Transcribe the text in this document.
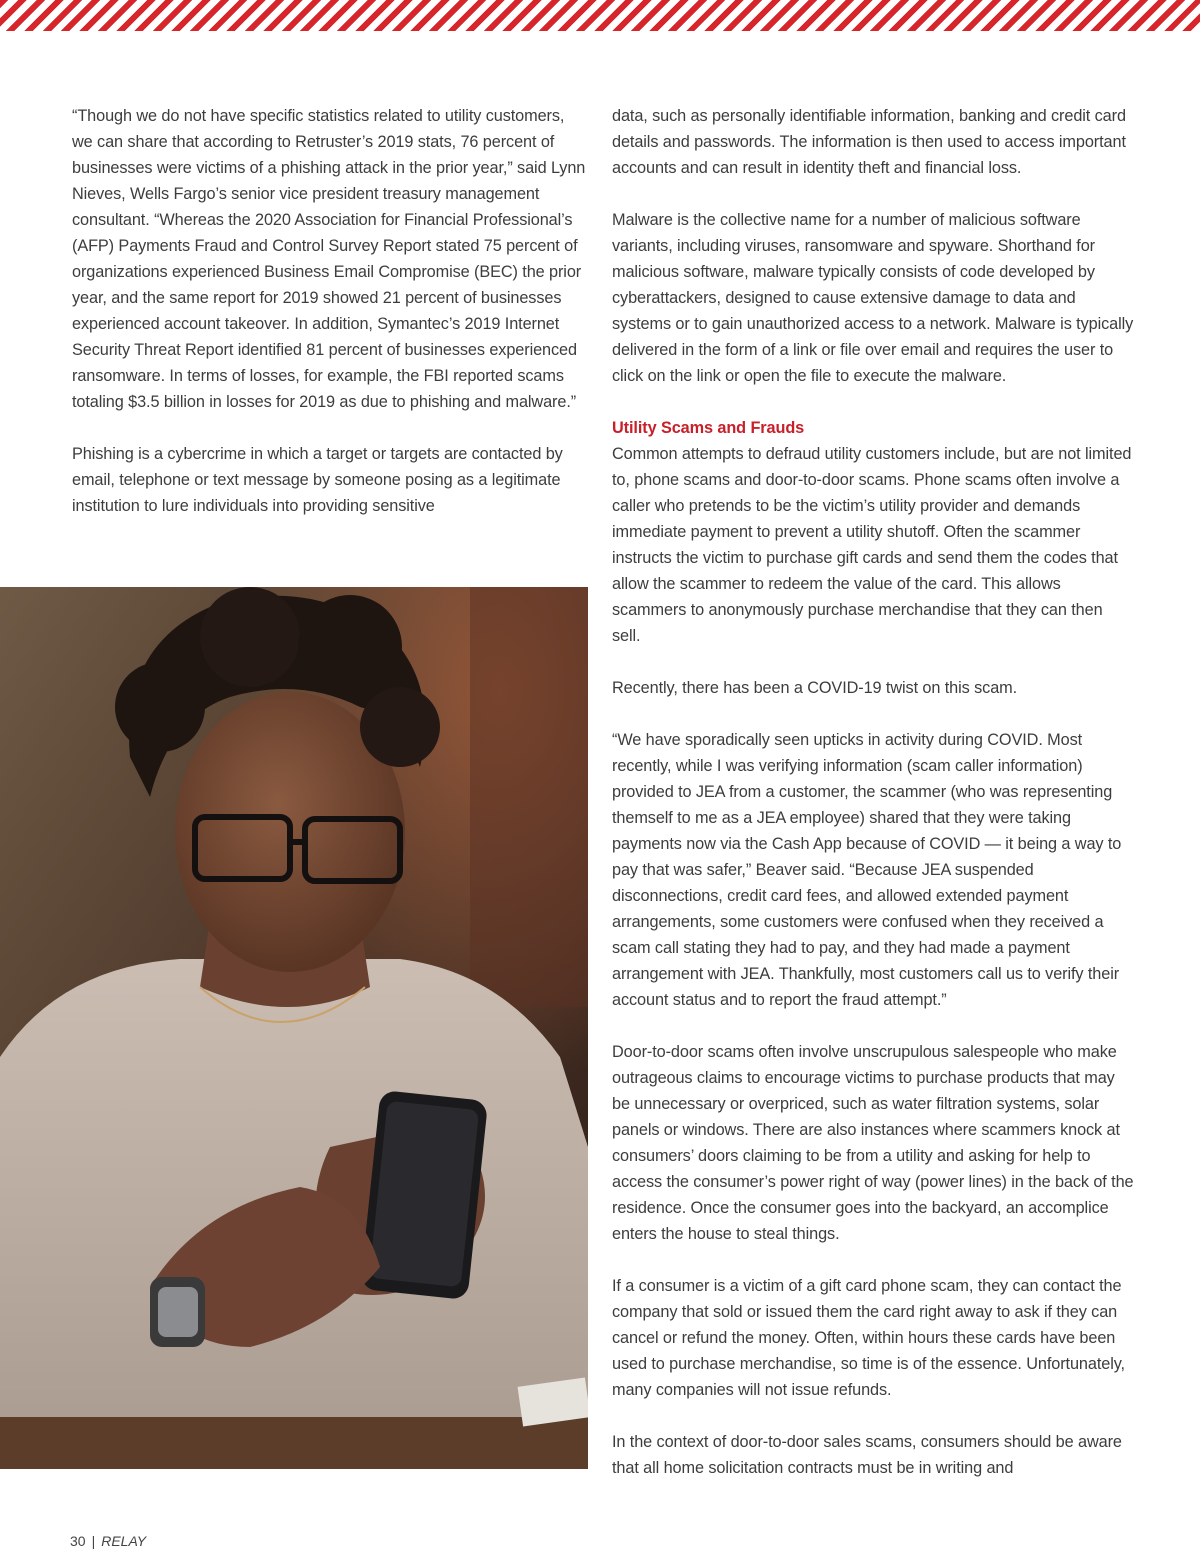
“Though we do not have specific statistics related to utility customers, we can share that according to Retruster’s 2019 stats, 76 percent of businesses were victims of a phishing attack in the prior year,” said Lynn Nieves, Wells Fargo’s senior vice president treasury management consultant. “Whereas the 2020 Association for Financial Professional’s (AFP) Payments Fraud and Control Survey Report stated 75 percent of organizations experienced Business Email Compromise (BEC) the prior year, and the same report for 2019 showed 21 percent of businesses experienced account takeover. In addition, Symantec’s 2019 Internet Security Threat Report identified 81 percent of businesses experienced ransomware. In terms of losses, for example, the FBI reported scams totaling $3.5 billion in losses for 2019 as due to phishing and malware.”

Phishing is a cybercrime in which a target or targets are contacted by email, telephone or text message by someone posing as a legitimate institution to lure individuals into providing sensitive

data, such as personally identifiable information, banking and credit card details and passwords. The information is then used to access important accounts and can result in identity theft and financial loss.

Malware is the collective name for a number of malicious software variants, including viruses, ransomware and spyware. Shorthand for malicious software, malware typically consists of code developed by cyberattackers, designed to cause extensive damage to data and systems or to gain unauthorized access to a network. Malware is typically delivered in the form of a link or file over email and requires the user to click on the link or open the file to execute the malware.

Utility Scams and Frauds

Common attempts to defraud utility customers include, but are not limited to, phone scams and door-to-door scams. Phone scams often involve a caller who pretends to be the victim’s utility provider and demands immediate payment to prevent a utility shutoff. Often the scammer instructs the victim to purchase gift cards and send them the codes that allow the scammer to redeem the value of the card. This allows scammers to anonymously purchase merchandise that they can then sell.

Recently, there has been a COVID-19 twist on this scam.

“We have sporadically seen upticks in activity during COVID. Most recently, while I was verifying information (scam caller information) provided to JEA from a customer, the scammer (who was representing themself to me as a JEA employee) shared that they were taking payments now via the Cash App because of COVID — it being a way to pay that was safer,” Beaver said. “Because JEA suspended disconnections, credit card fees, and allowed extended payment arrangements, some customers were confused when they received a scam call stating they had to pay, and they had made a payment arrangement with JEA. Thankfully, most customers call us to verify their account status and to report the fraud attempt.”

Door-to-door scams often involve unscrupulous salespeople who make outrageous claims to encourage victims to purchase products that may be unnecessary or overpriced, such as water filtration systems, solar panels or windows. There are also instances where scammers knock at consumers’ doors claiming to be from a utility and asking for help to access the consumer’s power right of way (power lines) in the back of the residence. Once the consumer goes into the backyard, an accomplice enters the house to steal things.

If a consumer is a victim of a gift card phone scam, they can contact the company that sold or issued them the card right away to ask if they can cancel or refund the money. Often, within hours these cards have been used to purchase merchandise, so time is of the essence. Unfortunately, many companies will not issue refunds.

In the context of door-to-door sales scams, consumers should be aware that all home solicitation contracts must be in writing and

30 | RELAY
